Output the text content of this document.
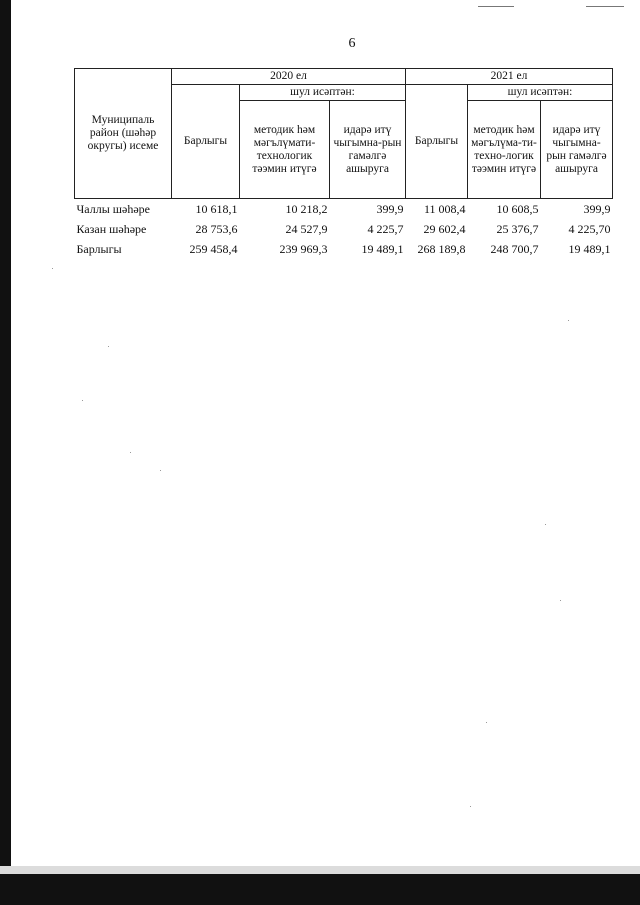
6
Муниципаль район (шәһәр округы) исеме	2020 ел			2021 ел		
	Барлыгы	шул исәптән:		Барлыгы	шул исәптән:	
		методик һәм мәгълүмати-технологик тәэмин итүгә	идарә итү чыгымна-рын гамәлгә ашыруга		методик һәм мәгълүма-ти-техно-логик тәэмин итүгә	идарә итү чыгымна-рын гамәлгә ашыруга
Чаллы шәһәре	10 618,1	10 218,2	399,9	11 008,4	10 608,5	399,9
Казан шәһәре	28 753,6	24 527,9	4 225,7	29 602,4	25 376,7	4 225,70
Барлыгы	259 458,4	239 969,3	19 489,1	268 189,8	248 700,7	19 489,1
